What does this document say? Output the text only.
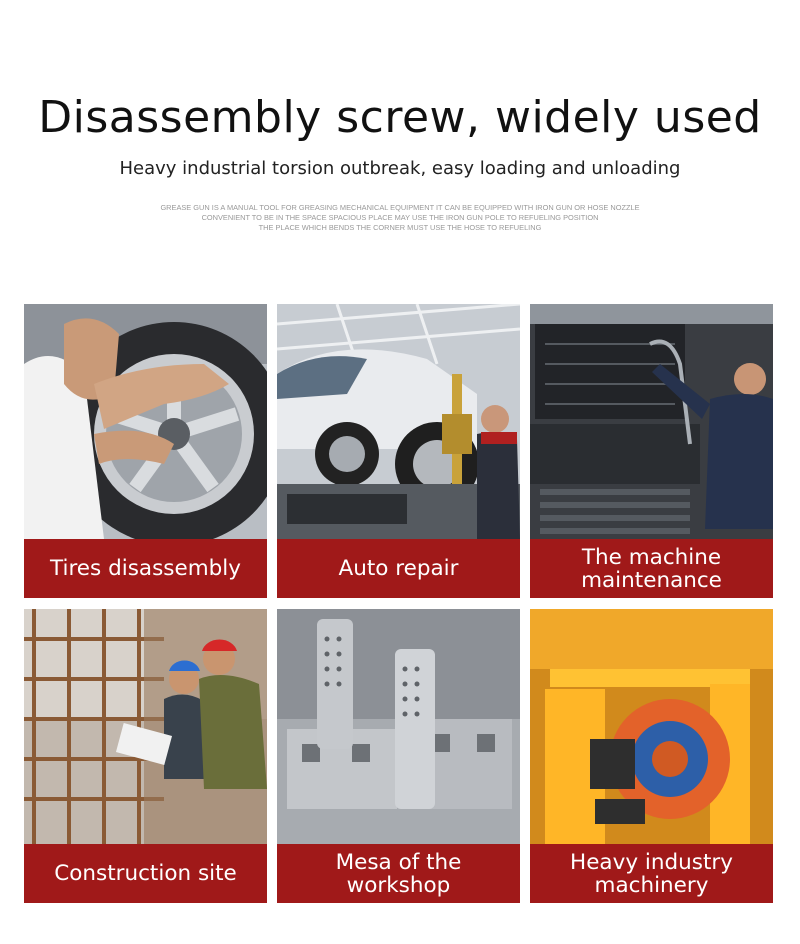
Disassembly screw, widely used
Heavy industrial torsion outbreak, easy loading and unloading
GREASE GUN IS A MANUAL TOOL FOR GREASING MECHANICAL EQUIPMENT IT CAN BE EQUIPPED WITH IRON GUN OR HOSE NOZZLE
CONVENIENT TO BE IN THE SPACE SPACIOUS PLACE MAY USE THE IRON GUN POLE TO REFUELING POSITION
THE PLACE WHICH BENDS THE CORNER MUST USE THE HOSE TO REFUELING
Tires disassembly	Auto repair	The machine maintenance
Construction site	Mesa of the workshop
Heavy industry machinery
